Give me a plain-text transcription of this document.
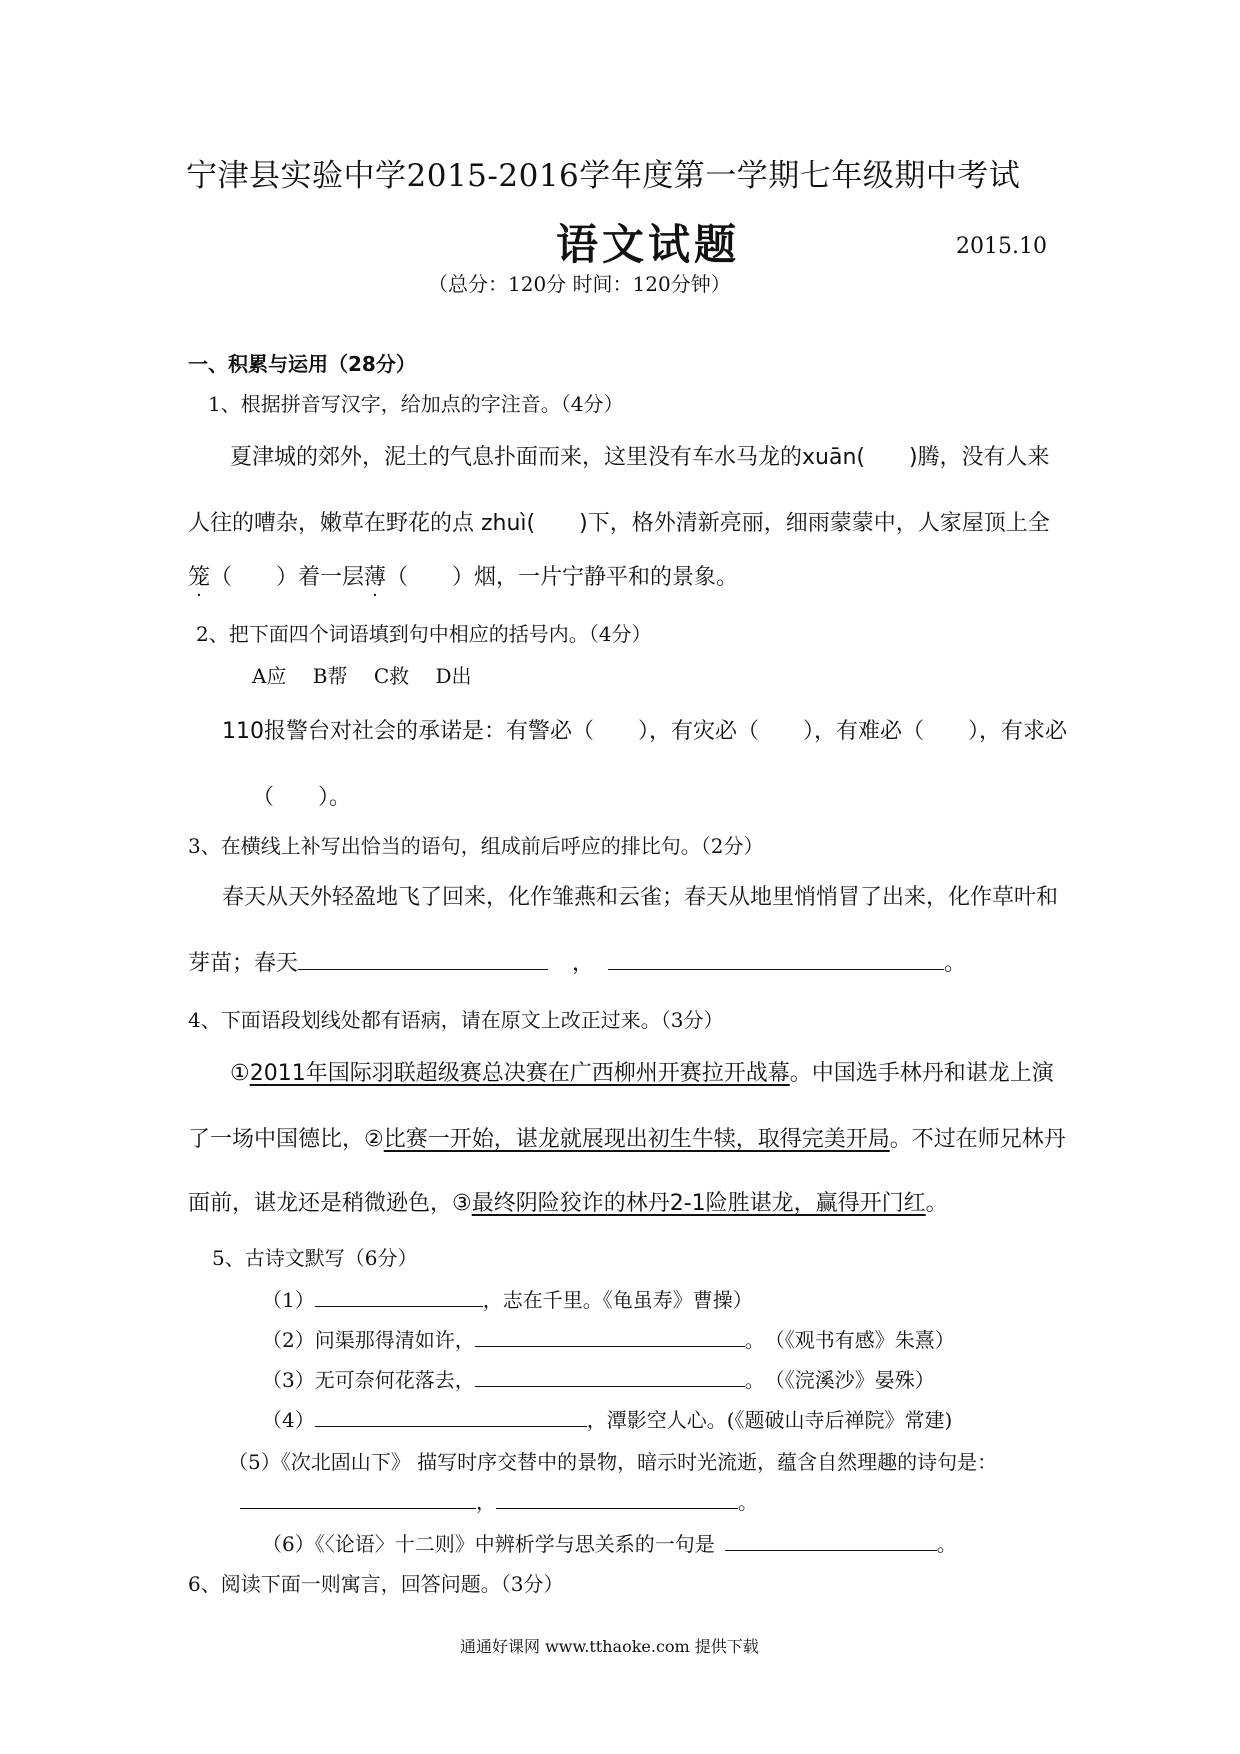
宁津县实验中学2015-2016学年度第一学期七年级期中考试
语文试题	2015.10
（总分：120分 时间：120分钟）
一、积累与运用（28分）
1、根据拼音写汉字，给加点的字注音。（4分）
夏津城的郊外，泥土的气息扑面而来，这里没有车水马龙的xuān(　　)腾，没有人来
人往的嘈杂，嫩草在野花的点 zhuì(　　)下，格外清新亮丽，细雨蒙蒙中，人家屋顶上全
笼（　　）着一层薄（　　）烟，一片宁静平和的景象。
2、把下面四个词语填到句中相应的括号内。（4分）
A应　 B帮　 C救　 D出
110报警台对社会的承诺是：有警必（　　），有灾必（　　），有难必（　　），有求必
（　　）。
3、在横线上补写出恰当的语句，组成前后呼应的排比句。（2分）
春天从天外轻盈地飞了回来，化作雏燕和云雀；春天从地里悄悄冒了出来，化作草叶和
芽苗；春天	，	。
4、下面语段划线处都有语病，请在原文上改正过来。（3分）
①2011年国际羽联超级赛总决赛在广西柳州开赛拉开战幕。中国选手林丹和谌龙上演
了一场中国德比，②比赛一开始，谌龙就展现出初生牛犊，取得完美开局。不过在师兄林丹
面前，谌龙还是稍微逊色，③最终阴险狡诈的林丹2-1险胜谌龙，赢得开门红。
5、古诗文默写（6分）
（1）	，志在千里。《龟虽寿》曹操）
（2）问渠那得清如许，	。　（《观书有感》朱熹）
（3）无可奈何花落去，	。　（《浣溪沙》晏殊）
（4）	，潭影空人心。(《题破山寺后禅院》常建)
（5）《次北固山下》 描写时序交替中的景物，暗示时光流逝，蕴含自然理趣的诗句是：
，	。
（6）《〈论语〉十二则》中辨析学与思关系的一句是	。
6、阅读下面一则寓言，回答问题。（3分）
通通好课网 www.tthaoke.com 提供下载
